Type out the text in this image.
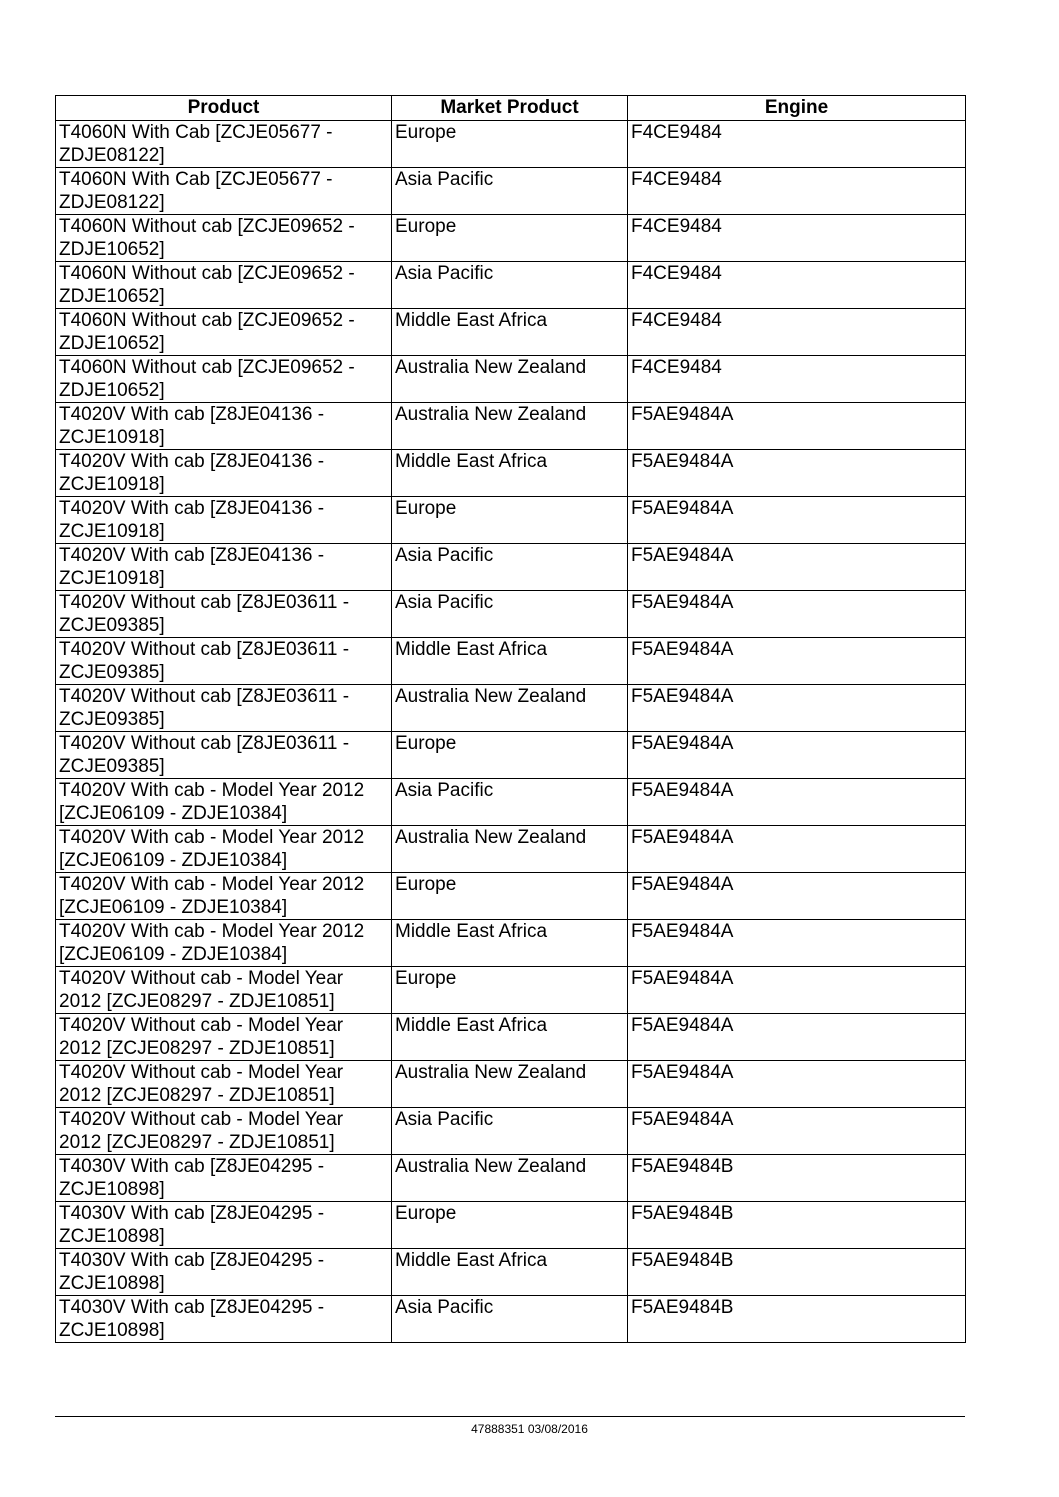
Product	Market Product	Engine
T4060N With Cab [ZCJE05677 - ZDJE08122]	Europe	F4CE9484
T4060N With Cab [ZCJE05677 - ZDJE08122]	Asia Pacific	F4CE9484
T4060N Without cab [ZCJE09652 - ZDJE10652]	Europe	F4CE9484
T4060N Without cab [ZCJE09652 - ZDJE10652]	Asia Pacific	F4CE9484
T4060N Without cab [ZCJE09652 - ZDJE10652]	Middle East Africa	F4CE9484
T4060N Without cab [ZCJE09652 - ZDJE10652]	Australia New Zealand	F4CE9484
T4020V With cab [Z8JE04136 - ZCJE10918]	Australia New Zealand	F5AE9484A
T4020V With cab [Z8JE04136 - ZCJE10918]	Middle East Africa	F5AE9484A
T4020V With cab [Z8JE04136 - ZCJE10918]	Europe	F5AE9484A
T4020V With cab [Z8JE04136 - ZCJE10918]	Asia Pacific	F5AE9484A
T4020V Without cab [Z8JE03611 - ZCJE09385]	Asia Pacific	F5AE9484A
T4020V Without cab [Z8JE03611 - ZCJE09385]	Middle East Africa	F5AE9484A
T4020V Without cab [Z8JE03611 - ZCJE09385]	Australia New Zealand	F5AE9484A
T4020V Without cab [Z8JE03611 - ZCJE09385]	Europe	F5AE9484A
T4020V With cab - Model Year 2012 [ZCJE06109 - ZDJE10384]	Asia Pacific	F5AE9484A
T4020V With cab - Model Year 2012 [ZCJE06109 - ZDJE10384]	Australia New Zealand	F5AE9484A
T4020V With cab - Model Year 2012 [ZCJE06109 - ZDJE10384]	Europe	F5AE9484A
T4020V With cab - Model Year 2012 [ZCJE06109 - ZDJE10384]	Middle East Africa	F5AE9484A
T4020V Without cab - Model Year 2012 [ZCJE08297 - ZDJE10851]	Europe	F5AE9484A
T4020V Without cab - Model Year 2012 [ZCJE08297 - ZDJE10851]	Middle East Africa	F5AE9484A
T4020V Without cab - Model Year 2012 [ZCJE08297 - ZDJE10851]	Australia New Zealand	F5AE9484A
T4020V Without cab - Model Year 2012 [ZCJE08297 - ZDJE10851]	Asia Pacific	F5AE9484A
T4030V With cab [Z8JE04295 - ZCJE10898]	Australia New Zealand	F5AE9484B
T4030V With cab [Z8JE04295 - ZCJE10898]	Europe	F5AE9484B
T4030V With cab [Z8JE04295 - ZCJE10898]	Middle East Africa	F5AE9484B
T4030V With cab [Z8JE04295 - ZCJE10898]	Asia Pacific	F5AE9484B
47888351 03/08/2016
